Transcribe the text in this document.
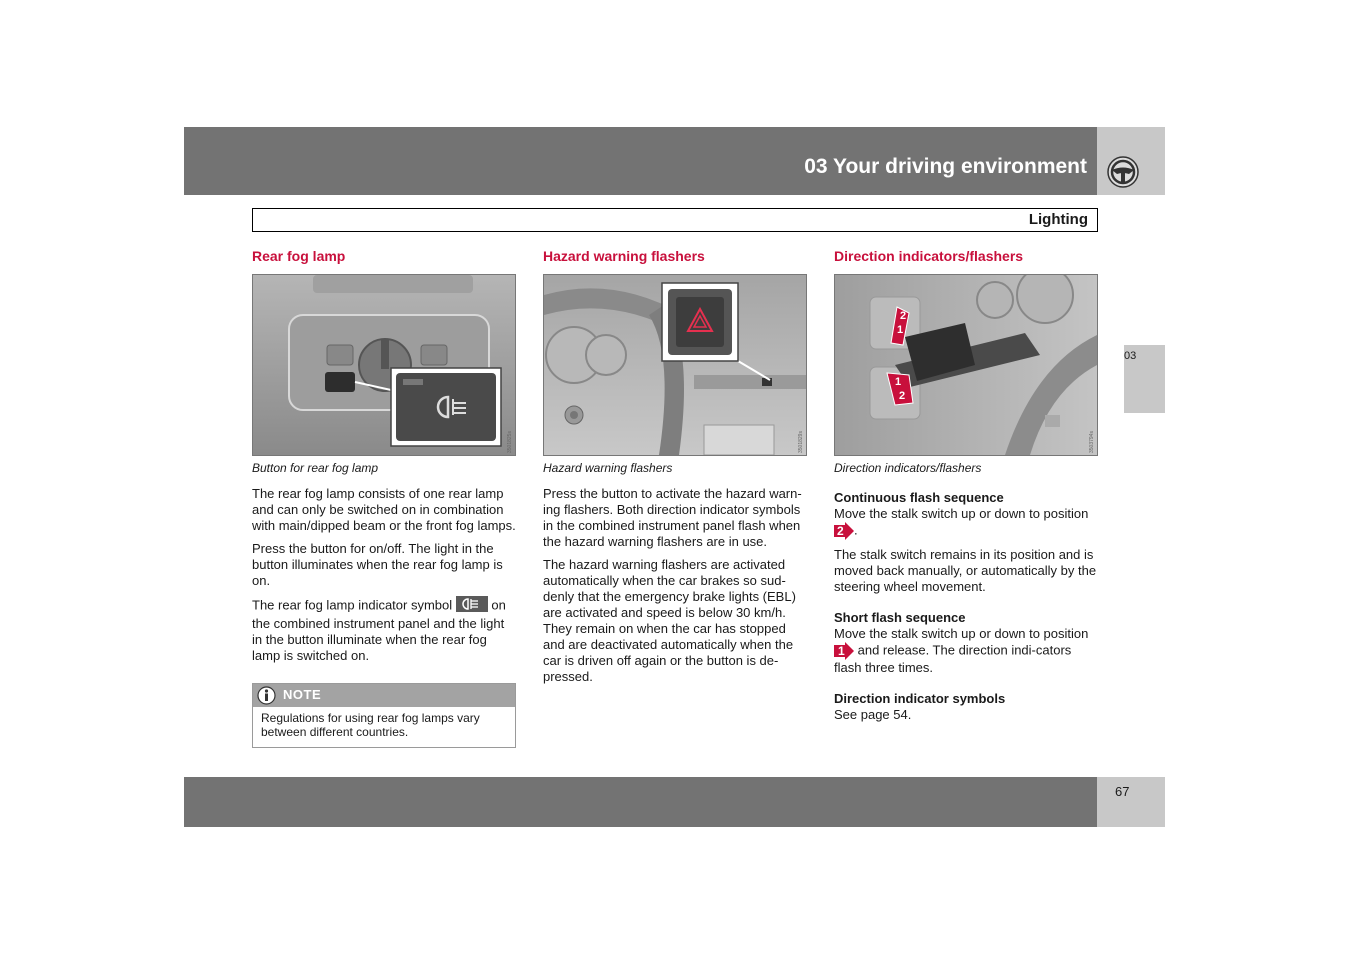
03 Your driving environment
Lighting
03
Rear fog lamp
3501825s
Button for rear fog lamp

The rear fog lamp consists of one rear lamp and can only be switched on in combination with main/dipped beam or the front fog lamps.

Press the button for on/off. The light in the button illuminates when the rear fog lamp is on.

The rear fog lamp indicator symbol	on the combined instrument panel and the light in the button illuminate when the rear fog lamp is switched on.

NOTE
Regulations for using rear fog lamps vary between different countries.
Hazard warning flashers
3501829s
Hazard warning flashers

Press the button to activate the hazard warn-ing flashers. Both direction indicator symbols in the combined instrument panel flash when the hazard warning flashers are in use.

The hazard warning flashers are activated automatically when the car brakes so sud-denly that the emergency brake lights (EBL) are activated and speed is below 30 km/h. They remain on when the car has stopped and are deactivated automatically when the car is driven off again or the button is de-pressed.

Direction indicators/flashers
2
1
1
2
3503794s
Direction indicators/flashers

Continuous flash sequence

Move the stalk switch up or down to position
2 .

The stalk switch remains in its position and is moved back manually, or automatically by the steering wheel movement.

Short flash sequence

Move the stalk switch up or down to position
1 and release. The direction indi-cators flash three times.

Direction indicator symbols

See page 54.

67
